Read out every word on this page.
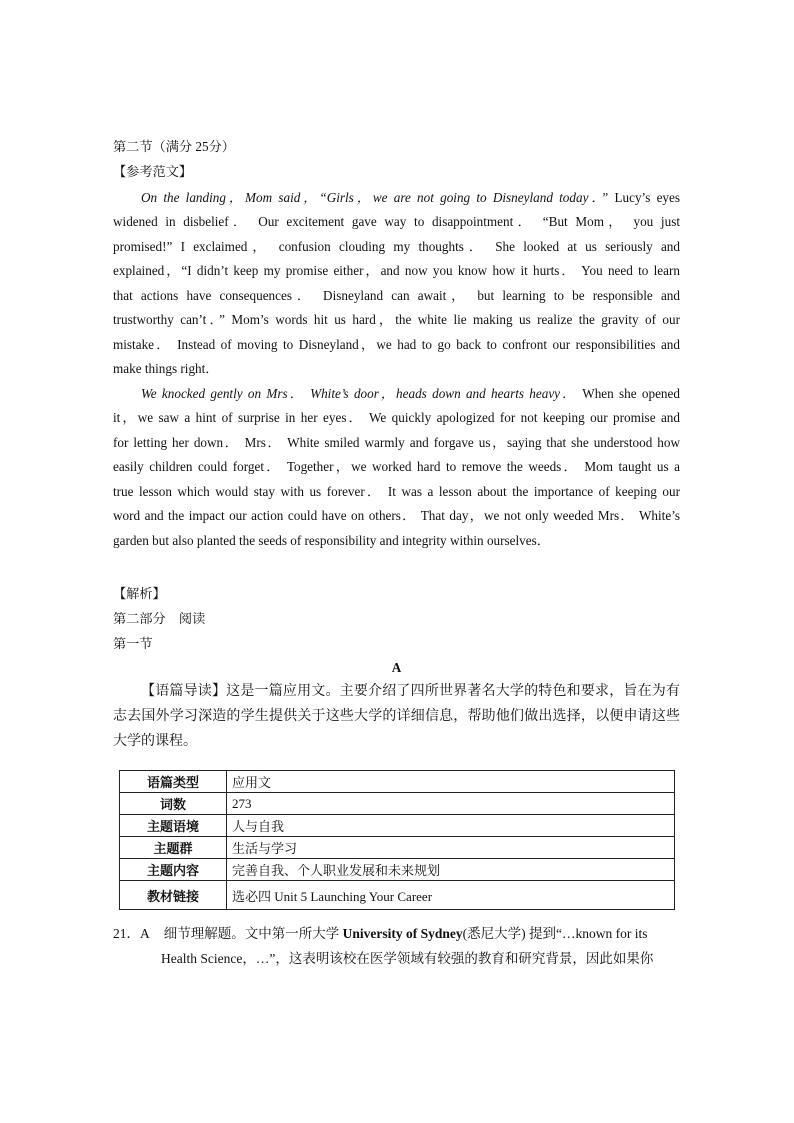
第二节（满分 25分）
【参考范文】
On the landing，Mom said，“Girls，we are not going to Disneyland today．” Lucy’s eyes
widened in disbelief． Our excitement gave way to disappointment． “But Mom， you just
promised!” I exclaimed， confusion clouding my thoughts． She looked at us seriously and
explained，“I didn’t keep my promise either，and now you know how it hurts． You need to learn
that actions have consequences． Disneyland can await， but learning to be responsible and
trustworthy can’t．” Mom’s words hit us hard，the white lie making us realize the gravity of our
mistake． Instead of moving to Disneyland，we had to go back to confront our responsibilities and
make things right．
We knocked gently on Mrs． White’s door，heads down and hearts heavy． When she opened
it，we saw a hint of surprise in her eyes． We quickly apologized for not keeping our promise and
for letting her down． Mrs． White smiled warmly and forgave us，saying that she understood how
easily children could forget． Together，we worked hard to remove the weeds． Mom taught us a
true lesson which would stay with us forever． It was a lesson about the importance of keeping our
word and the impact our action could have on others． That day，we not only weeded Mrs． White’s
garden but also planted the seeds of responsibility and integrity within ourselves．
【解析】
第二部分　阅读
第一节
A
【语篇导读】这是一篇应用文。主要介绍了四所世界著名大学的特色和要求，旨在为有
志去国外学习深造的学生提供关于这些大学的详细信息，帮助他们做出选择，以便申请这些
大学的课程。
语篇类型	应用文
词数	273
主题语境	人与自我
主题群	生活与学习
主题内容	完善自我、个人职业发展和未来规划
教材链接	选必四 Unit 5 Launching Your Career
21．A 细节理解题。文中第一所大学 University of Sydney(悉尼大学) 提到“…known for its
Health Science，…”，这表明该校在医学领域有较强的教育和研究背景，因此如果你
